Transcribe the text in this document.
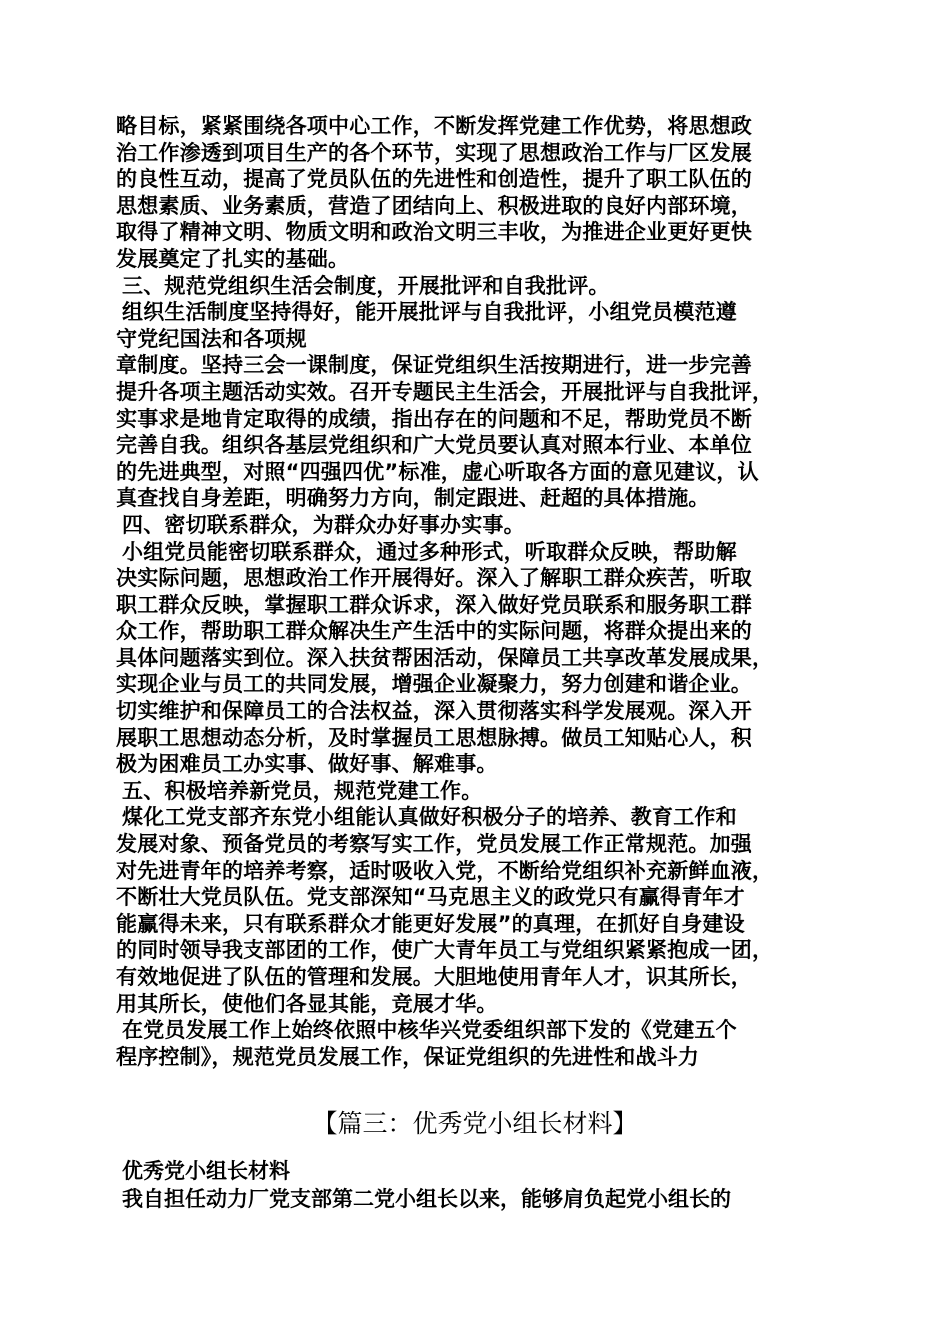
略目标，紧紧围绕各项中心工作，不断发挥党建工作优势，将思想政
治工作渗透到项目生产的各个环节，实现了思想政治工作与厂区发展
的良性互动，提高了党员队伍的先进性和创造性，提升了职工队伍的
思想素质、业务素质，营造了团结向上、积极进取的良好内部环境，
取得了精神文明、物质文明和政治文明三丰收，为推进企业更好更快
发展奠定了扎实的基础。
三、规范党组织生活会制度，开展批评和自我批评。
组织生活制度坚持得好，能开展批评与自我批评，小组党员模范遵
守党纪国法和各项规
章制度。坚持三会一课制度，保证党组织生活按期进行，进一步完善
提升各项主题活动实效。召开专题民主生活会，开展批评与自我批评，
实事求是地肯定取得的成绩，指出存在的问题和不足，帮助党员不断
完善自我。组织各基层党组织和广大党员要认真对照本行业、本单位
的先进典型，对照“四强四优”标准，虚心听取各方面的意见建议，认
真查找自身差距，明确努力方向，制定跟进、赶超的具体措施。
四、密切联系群众，为群众办好事办实事。
小组党员能密切联系群众，通过多种形式，听取群众反映，帮助解
决实际问题，思想政治工作开展得好。深入了解职工群众疾苦，听取
职工群众反映，掌握职工群众诉求，深入做好党员联系和服务职工群
众工作，帮助职工群众解决生产生活中的实际问题，将群众提出来的
具体问题落实到位。深入扶贫帮困活动，保障员工共享改革发展成果，
实现企业与员工的共同发展，增强企业凝聚力，努力创建和谐企业。
切实维护和保障员工的合法权益，深入贯彻落实科学发展观。深入开
展职工思想动态分析，及时掌握员工思想脉搏。做员工知贴心人，积
极为困难员工办实事、做好事、解难事。
五、积极培养新党员，规范党建工作。
煤化工党支部齐东党小组能认真做好积极分子的培养、教育工作和
发展对象、预备党员的考察写实工作，党员发展工作正常规范。加强
对先进青年的培养考察，适时吸收入党，不断给党组织补充新鲜血液，
不断壮大党员队伍。党支部深知“马克思主义的政党只有赢得青年才
能赢得未来，只有联系群众才能更好发展”的真理，在抓好自身建设
的同时领导我支部团的工作，使广大青年员工与党组织紧紧抱成一团，
有效地促进了队伍的管理和发展。大胆地使用青年人才，识其所长，
用其所长，使他们各显其能，竞展才华。
在党员发展工作上始终依照中核华兴党委组织部下发的《党建五个
程序控制》，规范党员发展工作，保证党组织的先进性和战斗力
【篇三：优秀党小组长材料】
优秀党小组长材料
我自担任动力厂党支部第二党小组长以来，能够肩负起党小组长的
